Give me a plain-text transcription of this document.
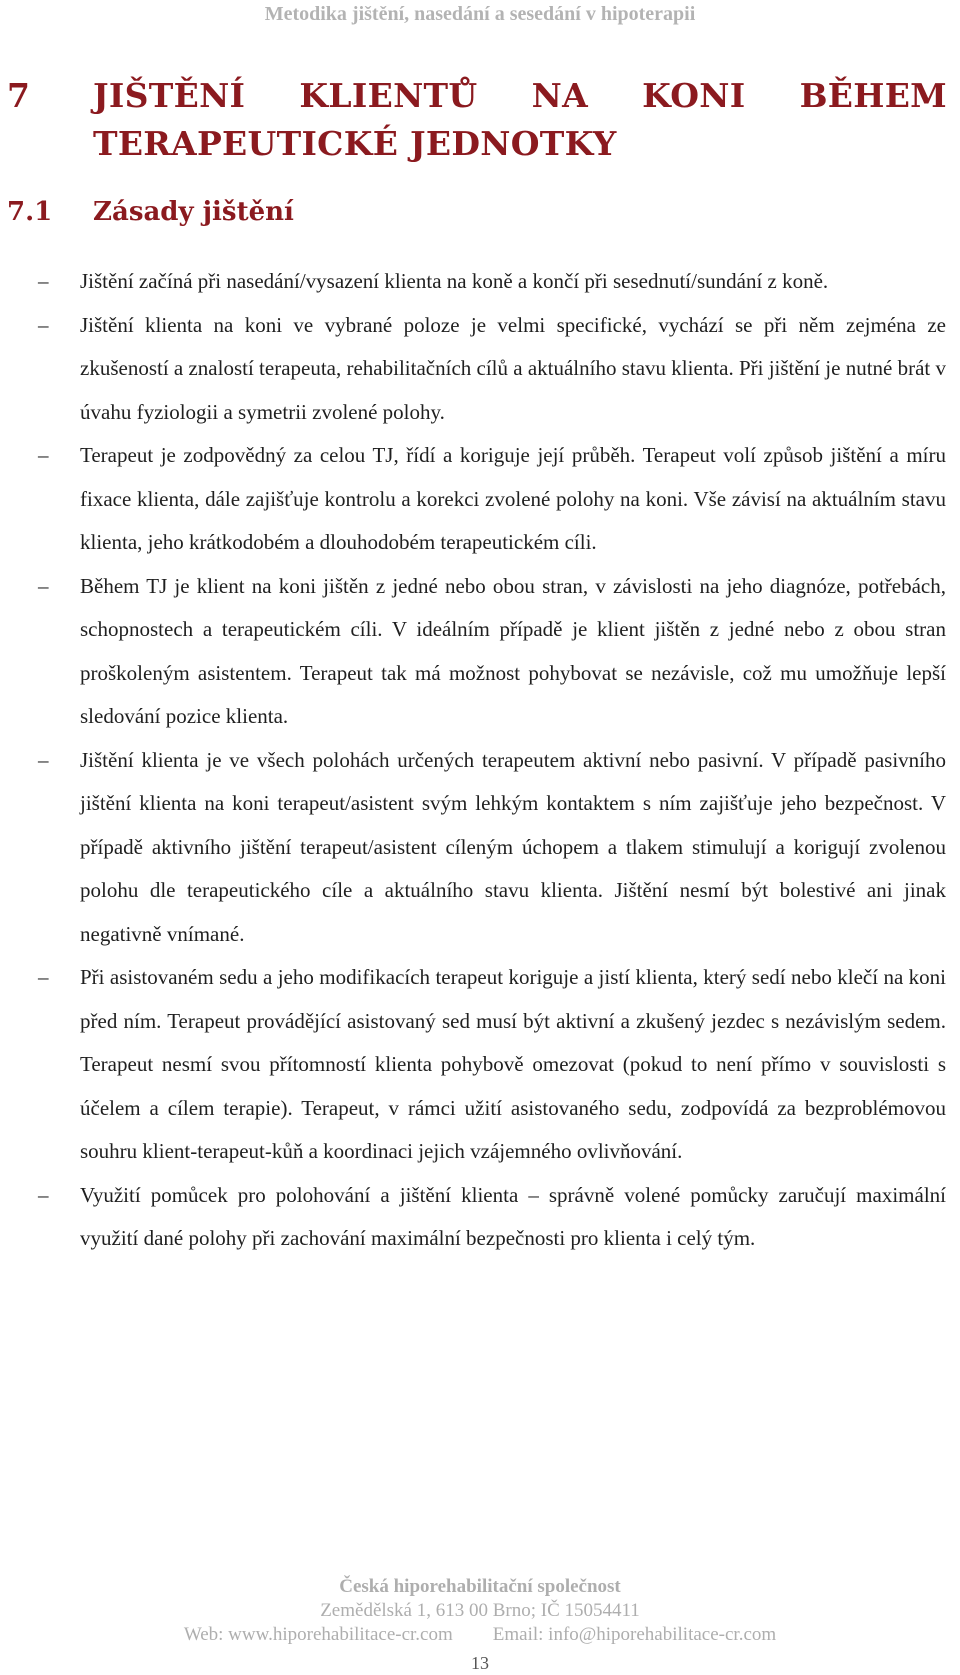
Metodika jištění, nasedání a sesedání v hipoterapii
7 JIŠTĚNÍ KLIENTŮ NA KONI BĚHEM TERAPEUTICKÉ JEDNOTKY
7.1 Zásady jištění
– Jištění začíná při nasedání/vysazení klienta na koně a končí při sesednutí/sundání z koně.
– Jištění klienta na koni ve vybrané poloze je velmi specifické, vychází se při něm zejména ze zkušeností a znalostí terapeuta, rehabilitačních cílů a aktuálního stavu klienta. Při jištění je nutné brát v úvahu fyziologii a symetrii zvolené polohy.
– Terapeut je zodpovědný za celou TJ, řídí a koriguje její průběh. Terapeut volí způsob jištění a míru fixace klienta, dále zajišťuje kontrolu a korekci zvolené polohy na koni. Vše závisí na aktuálním stavu klienta, jeho krátkodobém a dlouhodobém terapeutickém cíli.
– Během TJ je klient na koni jištěn z jedné nebo obou stran, v závislosti na jeho diagnóze, potřebách, schopnostech a terapeutickém cíli. V ideálním případě je klient jištěn z jedné nebo z obou stran proškoleným asistentem. Terapeut tak má možnost pohybovat se nezávisle, což mu umožňuje lepší sledování pozice klienta.
– Jištění klienta je ve všech polohách určených terapeutem aktivní nebo pasivní. V případě pasivního jištění klienta na koni terapeut/asistent svým lehkým kontaktem s ním zajišťuje jeho bezpečnost. V případě aktivního jištění terapeut/asistent cíleným úchopem a tlakem stimulují a korigují zvolenou polohu dle terapeutického cíle a aktuálního stavu klienta. Jištění nesmí být bolestivé ani jinak negativně vnímané.
– Při asistovaném sedu a jeho modifikacích terapeut koriguje a jistí klienta, který sedí nebo klečí na koni před ním. Terapeut provádějící asistovaný sed musí být aktivní a zkušený jezdec s nezávislým sedem. Terapeut nesmí svou přítomností klienta pohybově omezovat (pokud to není přímo v souvislosti s účelem a cílem terapie). Terapeut, v rámci užití asistovaného sedu, zodpovídá za bezproblémovou souhru klient-terapeut-kůň a koordinaci jejich vzájemného ovlivňování.
– Využití pomůcek pro polohování a jištění klienta – správně volené pomůcky zaručují maximální využití dané polohy při zachování maximální bezpečnosti pro klienta i celý tým.
Česká hiporehabilitační společnost
Zemědělská 1, 613 00 Brno; IČ 15054411
Web: www.hiporehabilitace-cr.com Email: info@hiporehabilitace-cr.com
13
